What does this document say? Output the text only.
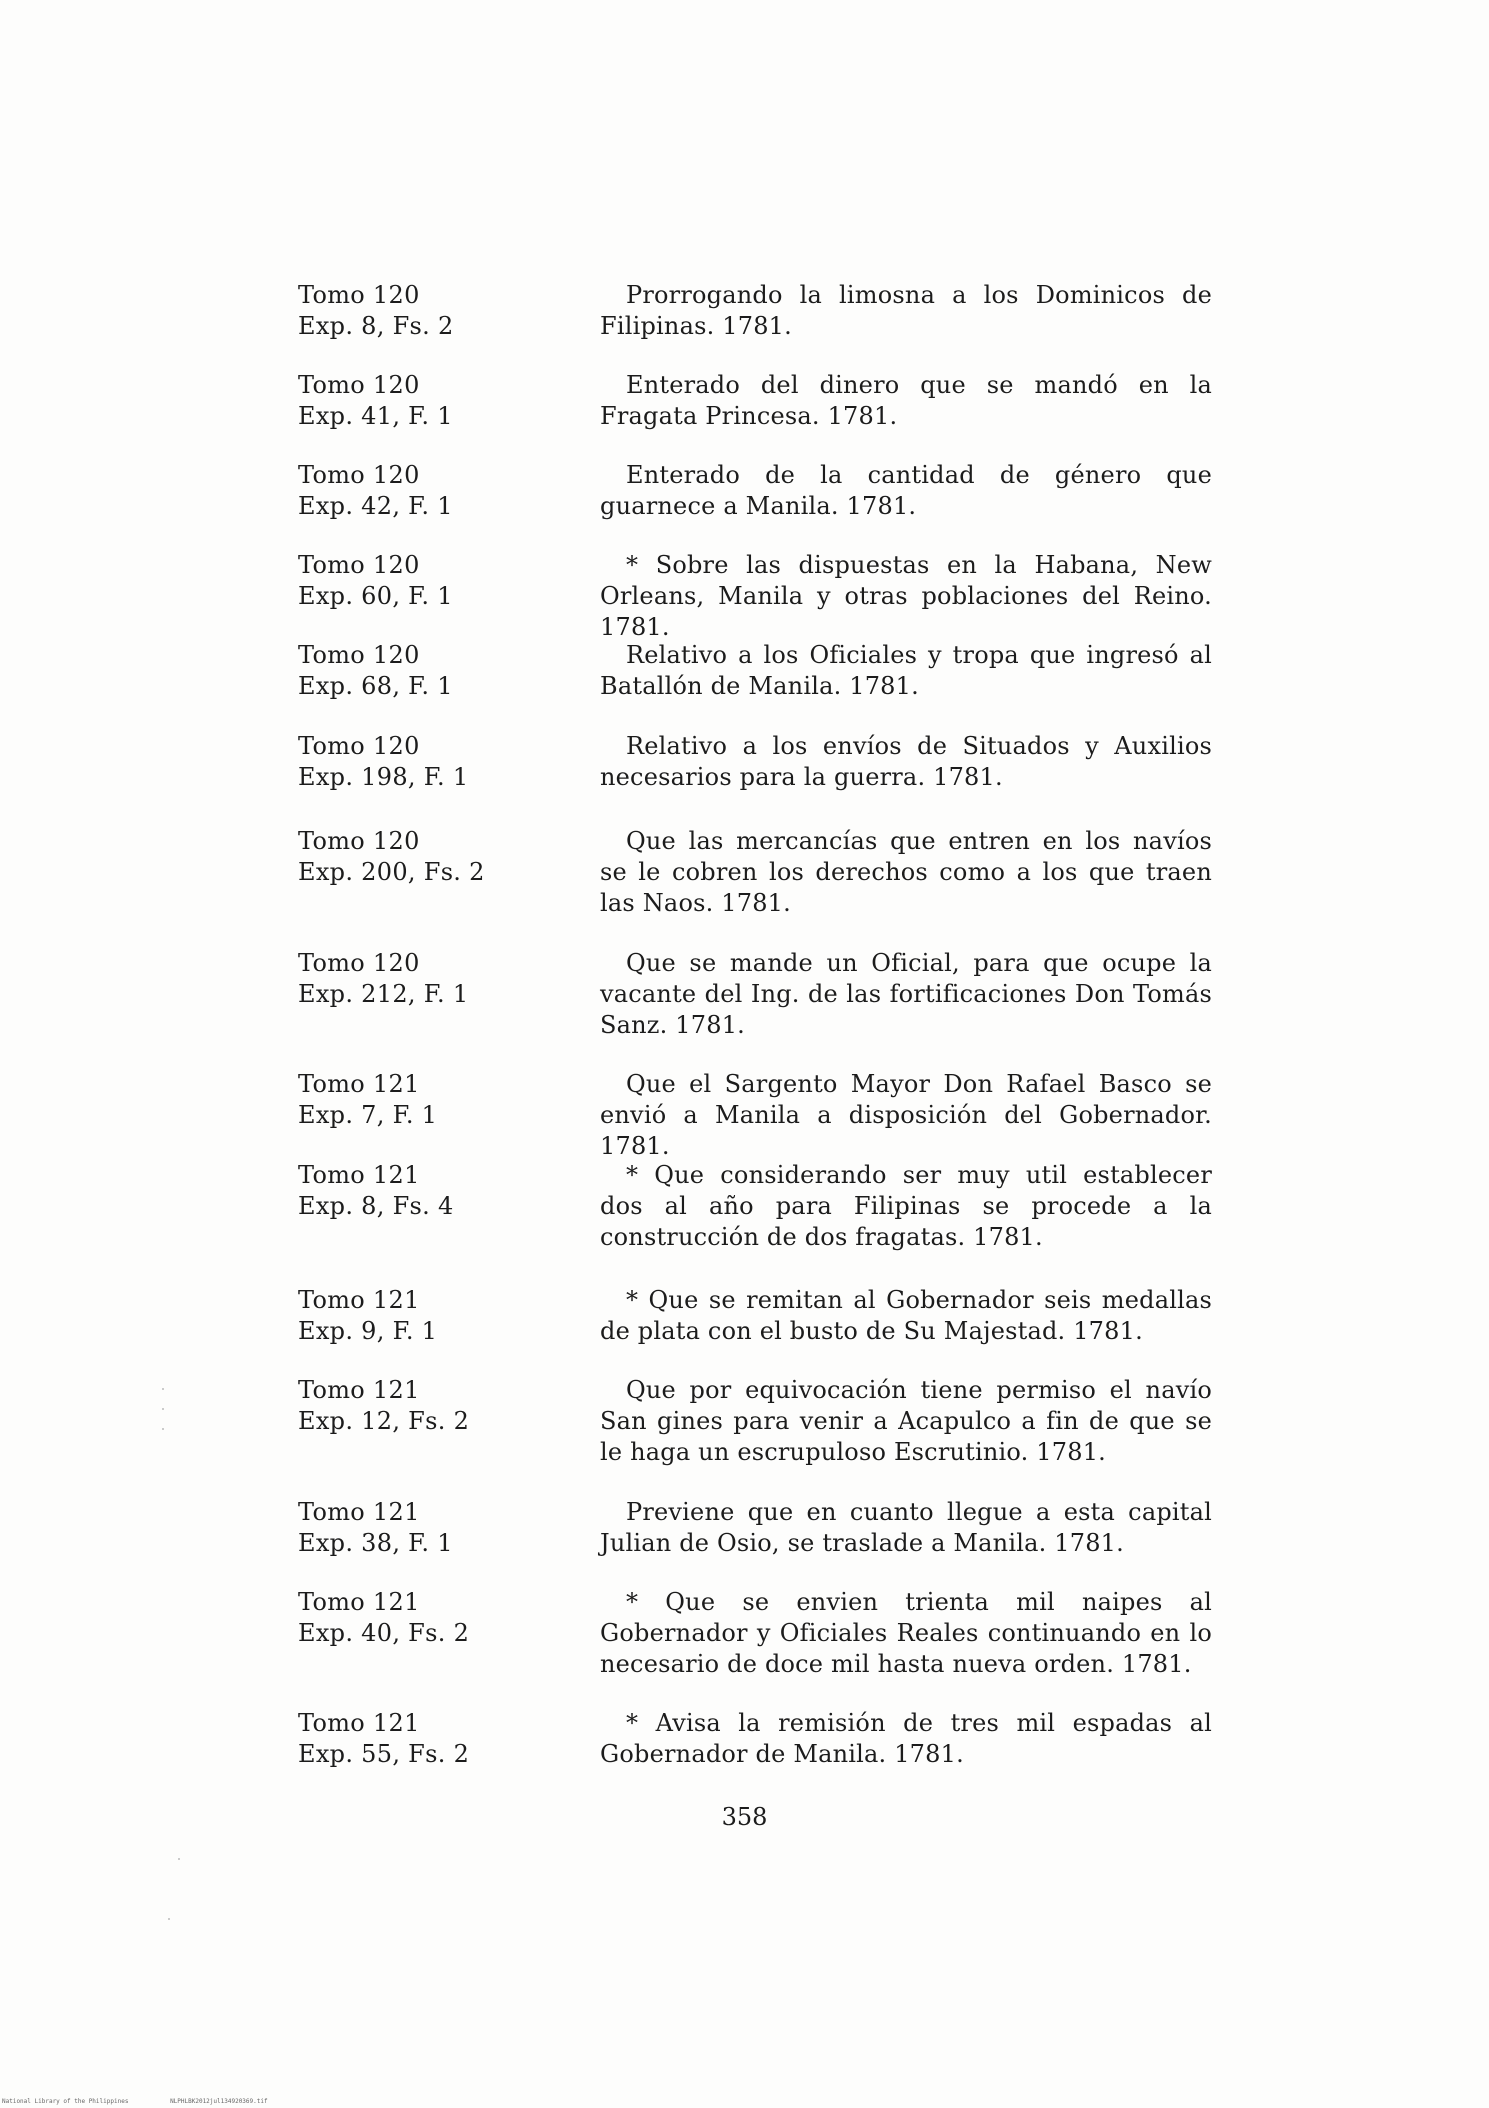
Tomo 120
Exp. 8, Fs. 2
Prorrogando la limosna a los Dominicos de Filipinas. 1781.
Tomo 120
Exp. 41, F. 1
Enterado del dinero que se mandó en la Fragata Princesa. 1781.
Tomo 120
Exp. 42, F. 1
Enterado de la cantidad de género que guarnece a Manila. 1781.
Tomo 120
Exp. 60, F. 1
* Sobre las dispuestas en la Habana, New Orleans, Manila y otras poblaciones del Reino. 1781.
Tomo 120
Exp. 68, F. 1
Relativo a los Oficiales y tropa que ingresó al Batallón de Manila. 1781.
Tomo 120
Exp. 198, F. 1
Relativo a los envíos de Situados y Auxilios necesarios para la guerra. 1781.
Tomo 120
Exp. 200, Fs. 2
Que las mercancías que entren en los navíos se le cobren los derechos como a los que traen las Naos. 1781.
Tomo 120
Exp. 212, F. 1
Que se mande un Oficial, para que ocupe la vacante del Ing. de las fortificaciones Don Tomás Sanz. 1781.
Tomo 121
Exp. 7, F. 1
Que el Sargento Mayor Don Rafael Basco se envió a Manila a disposición del Gobernador. 1781.
Tomo 121
Exp. 8, Fs. 4
* Que considerando ser muy util establecer dos al año para Filipinas se procede a la construcción de dos fragatas. 1781.
Tomo 121
Exp. 9, F. 1
* Que se remitan al Gobernador seis medallas de plata con el busto de Su Majestad. 1781.
Tomo 121
Exp. 12, Fs. 2
Que por equivocación tiene permiso el navío San gines para venir a Acapulco a fin de que se le haga un escrupuloso Escrutinio. 1781.
Tomo 121
Exp. 38, F. 1
Previene que en cuanto llegue a esta capital Julian de Osio, se traslade a Manila. 1781.
Tomo 121
Exp. 40, Fs. 2
* Que se envien trienta mil naipes al Gobernador y Oficiales Reales continuando en lo necesario de doce mil hasta nueva orden. 1781.
Tomo 121
Exp. 55, Fs. 2
* Avisa la remisión de tres mil espadas al Gobernador de Manila. 1781.
358
National Library of the Philippines	NLPHLBK2012jul134920369.tif
